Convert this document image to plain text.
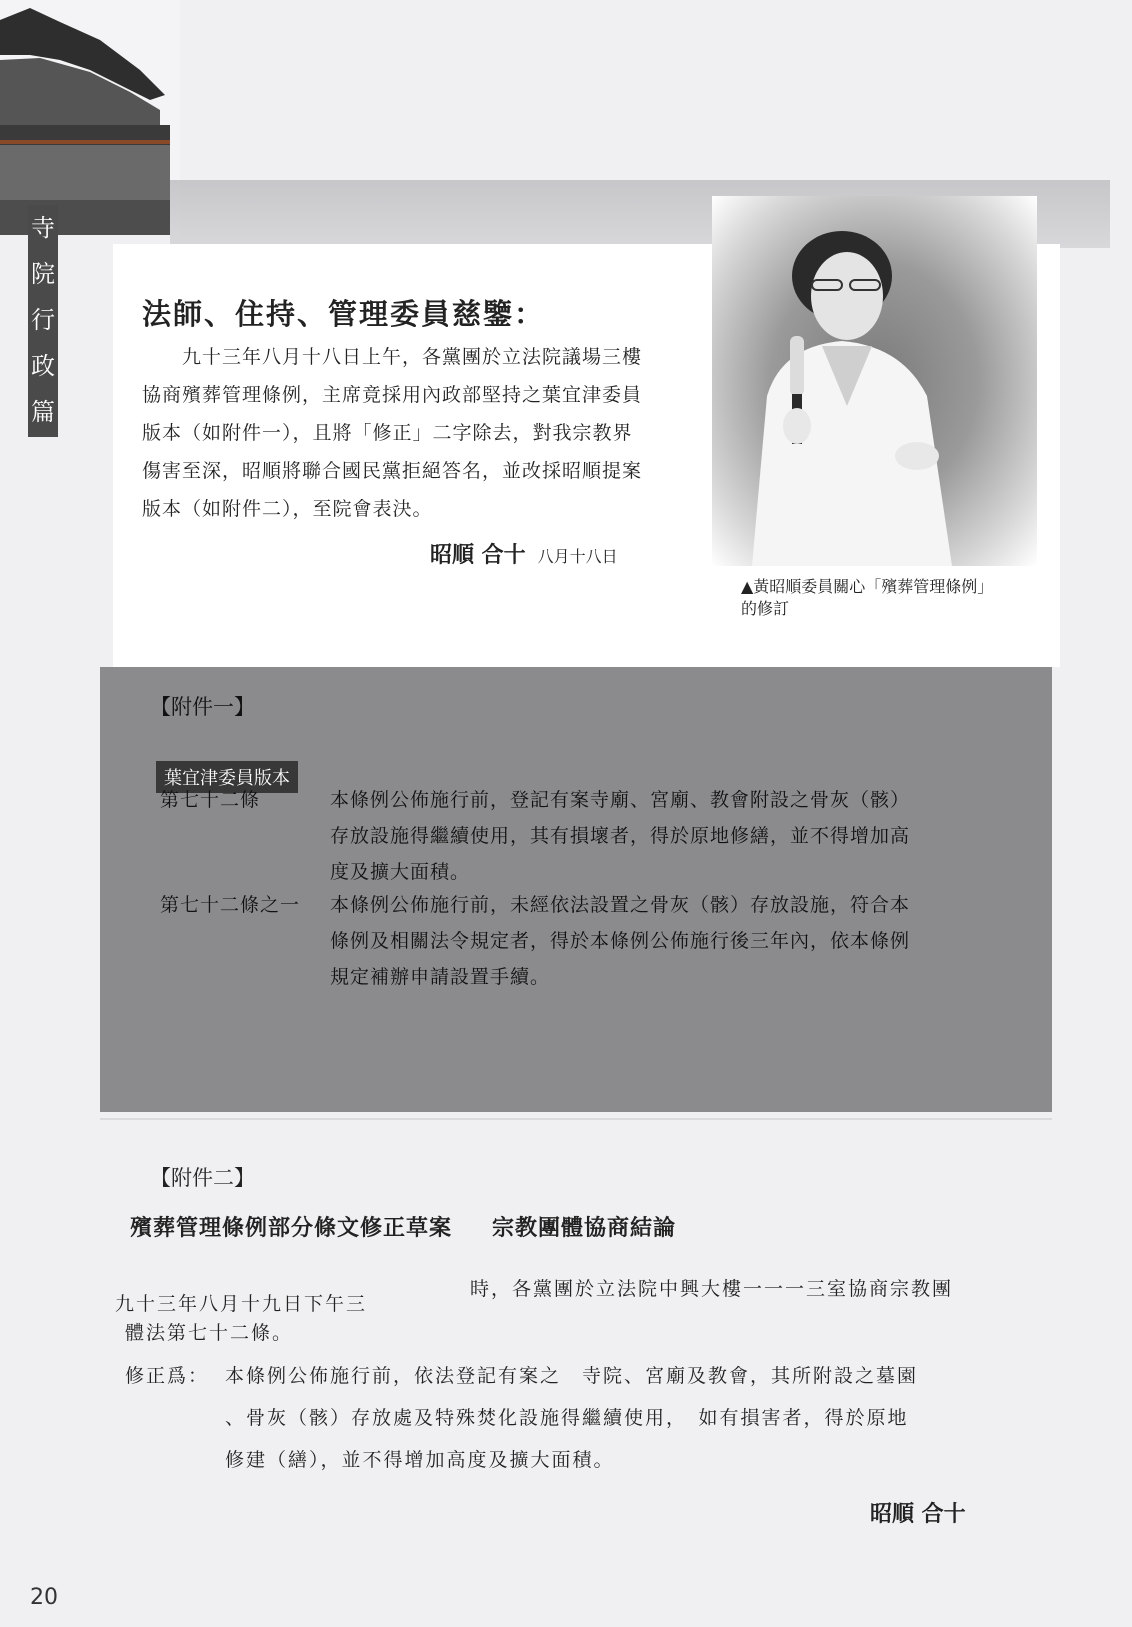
寺
院
行
政
篇
法師、住持、管理委員慈鑒：

　　九十三年八月十八日上午，各黨團於立法院議場三樓

協商殯葬管理條例，主席竟採用內政部堅持之葉宜津委員

版本（如附件一），且將「修正」二字除去，對我宗教界

傷害至深，昭順將聯合國民黨拒絕答名，並改採昭順提案

版本（如附件二），至院會表決。

昭順 合十 八月十八日
▲黃昭順委員關心「殯葬管理條例」
的修訂
【附件一】
葉宜津委員版本
第七十二條	本條例公佈施行前，登記有案寺廟、宮廟、教會附設之骨灰（骸）
存放設施得繼續使用，其有損壞者，得於原地修繕，並不得增加高
度及擴大面積。
第七十二條之一	本條例公佈施行前，未經依法設置之骨灰（骸）存放設施，符合本
條例及相關法令規定者，得於本條例公佈施行後三年內，依本條例
規定補辦申請設置手續。
【附件二】
殯葬管理條例部分條文修正草案 宗教團體協商結論
九十三年八月十九日下午三
時，各黨團於立法院中興大樓一一一三室協商宗教團
體法第七十二條。
修正爲： 本條例公佈施行前，依法登記有案之　寺院、宮廟及教會，其所附設之墓園
、骨灰（骸）存放處及特殊焚化設施得繼續使用，　如有損害者，得於原地
修建（繕），並不得增加高度及擴大面積。
昭順 合十
20
